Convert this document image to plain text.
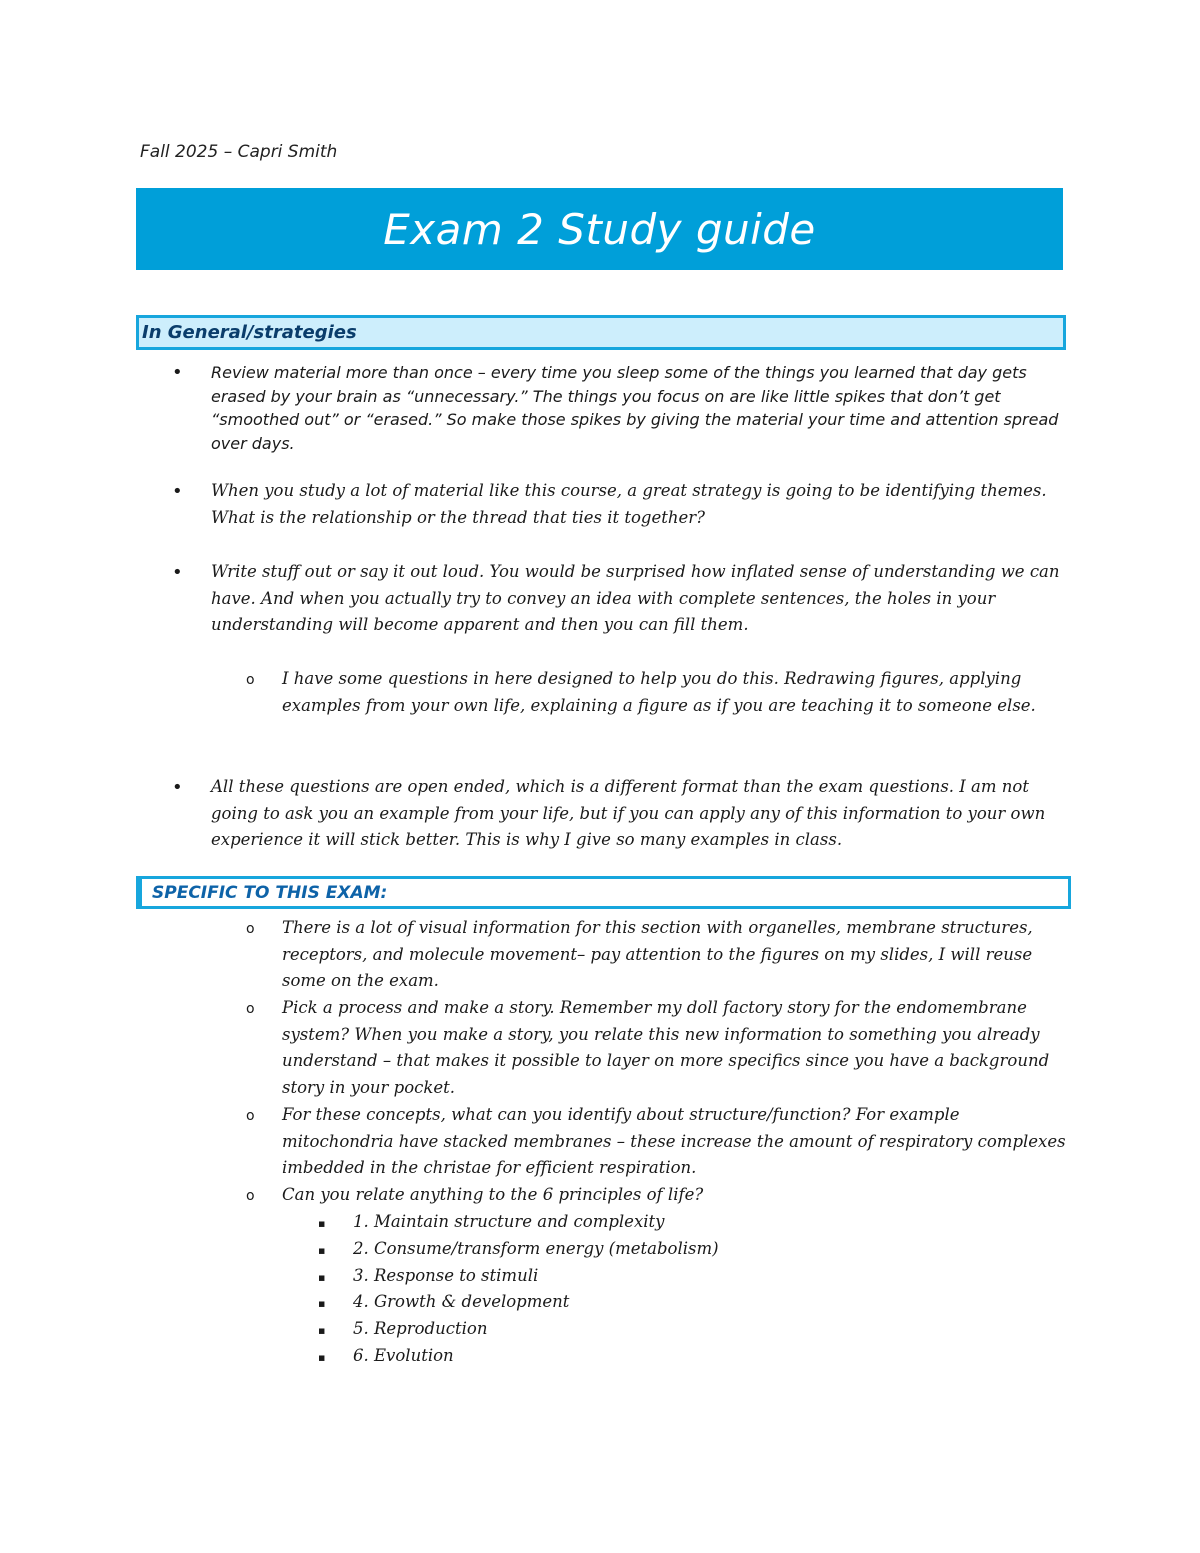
Fall 2025 – Capri Smith
Exam 2 Study guide
In General/strategies
• Review material more than once – every time you sleep some of the things you learned that day gets erased by your brain as “unnecessary.” The things you focus on are like little spikes that don’t get “smoothed out” or “erased.” So make those spikes by giving the material your time and attention spread over days.

• When you study a lot of material like this course, a great strategy is going to be identifying themes. What is the relationship or the thread that ties it together?

• Write stuff out or say it out loud. You would be surprised how inflated sense of understanding we can have. And when you actually try to convey an idea with complete sentences, the holes in your understanding will become apparent and then you can fill them.

o I have some questions in here designed to help you do this. Redrawing figures, applying examples from your own life, explaining a figure as if you are teaching it to someone else.

• All these questions are open ended, which is a different format than the exam questions. I am not going to ask you an example from your life, but if you can apply any of this information to your own experience it will stick better. This is why I give so many examples in class.

SPECIFIC TO THIS EXAM:
o There is a lot of visual information for this section with organelles, membrane structures, receptors, and molecule movement– pay attention to the figures on my slides, I will reuse some on the exam.

o Pick a process and make a story. Remember my doll factory story for the endomembrane system? When you make a story, you relate this new information to something you already understand – that makes it possible to layer on more specifics since you have a background story in your pocket.

o For these concepts, what can you identify about structure/function? For example mitochondria have stacked membranes – these increase the amount of respiratory complexes imbedded in the christae for efficient respiration.

o Can you relate anything to the 6 principles of life?

▪ 1. Maintain structure and complexity

▪ 2. Consume/transform energy (metabolism)

▪ 3. Response to stimuli

▪ 4. Growth & development

▪ 5. Reproduction

▪ 6. Evolution
